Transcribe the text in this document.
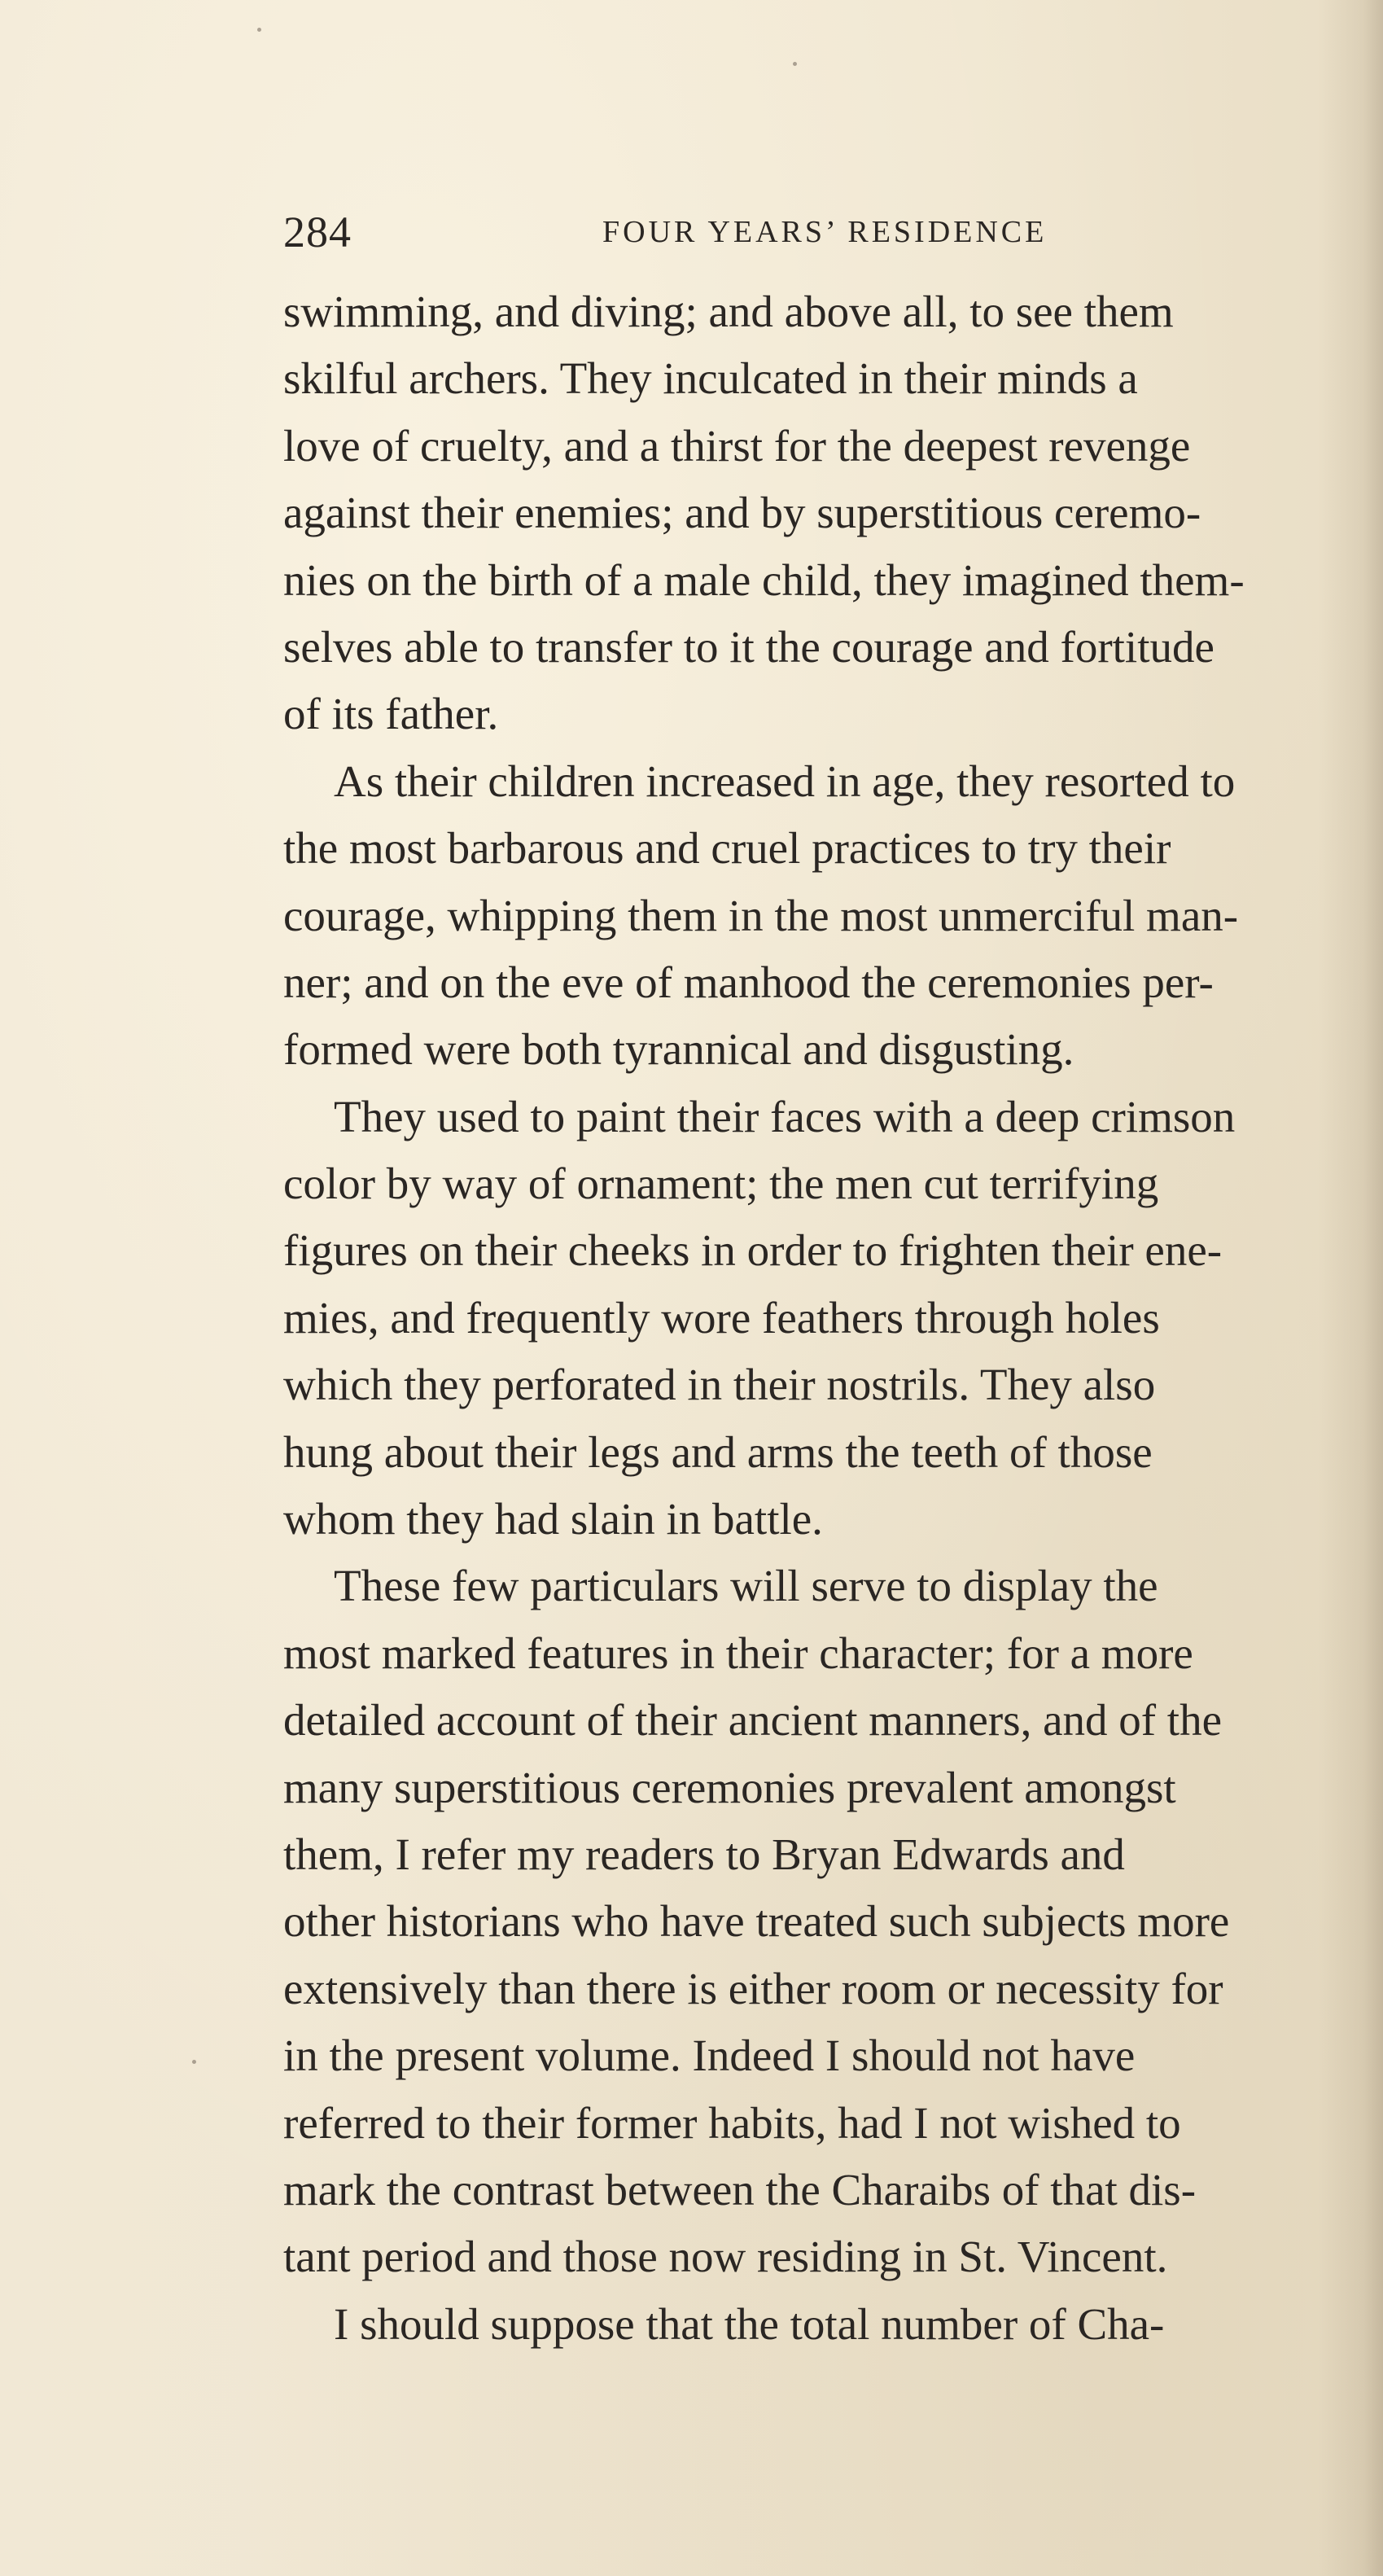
284	FOUR YEARS’ RESIDENCE
swimming, and diving; and above all, to see them
skilful archers. They inculcated in their minds a
love of cruelty, and a thirst for the deepest revenge
against their enemies; and by superstitious ceremo-
nies on the birth of a male child, they imagined them-
selves able to transfer to it the courage and fortitude
of its father.
As their children increased in age, they resorted to
the most barbarous and cruel practices to try their
courage, whipping them in the most unmerciful man-
ner; and on the eve of manhood the ceremonies per-
formed were both tyrannical and disgusting.
They used to paint their faces with a deep crimson
color by way of ornament; the men cut terrifying
figures on their cheeks in order to frighten their ene-
mies, and frequently wore feathers through holes
which they perforated in their nostrils. They also
hung about their legs and arms the teeth of those
whom they had slain in battle.
These few particulars will serve to display the
most marked features in their character; for a more
detailed account of their ancient manners, and of the
many superstitious ceremonies prevalent amongst
them, I refer my readers to Bryan Edwards and
other historians who have treated such subjects more
extensively than there is either room or necessity for
in the present volume. Indeed I should not have
referred to their former habits, had I not wished to
mark the contrast between the Charaibs of that dis-
tant period and those now residing in St. Vincent.
I should suppose that the total number of Cha-
